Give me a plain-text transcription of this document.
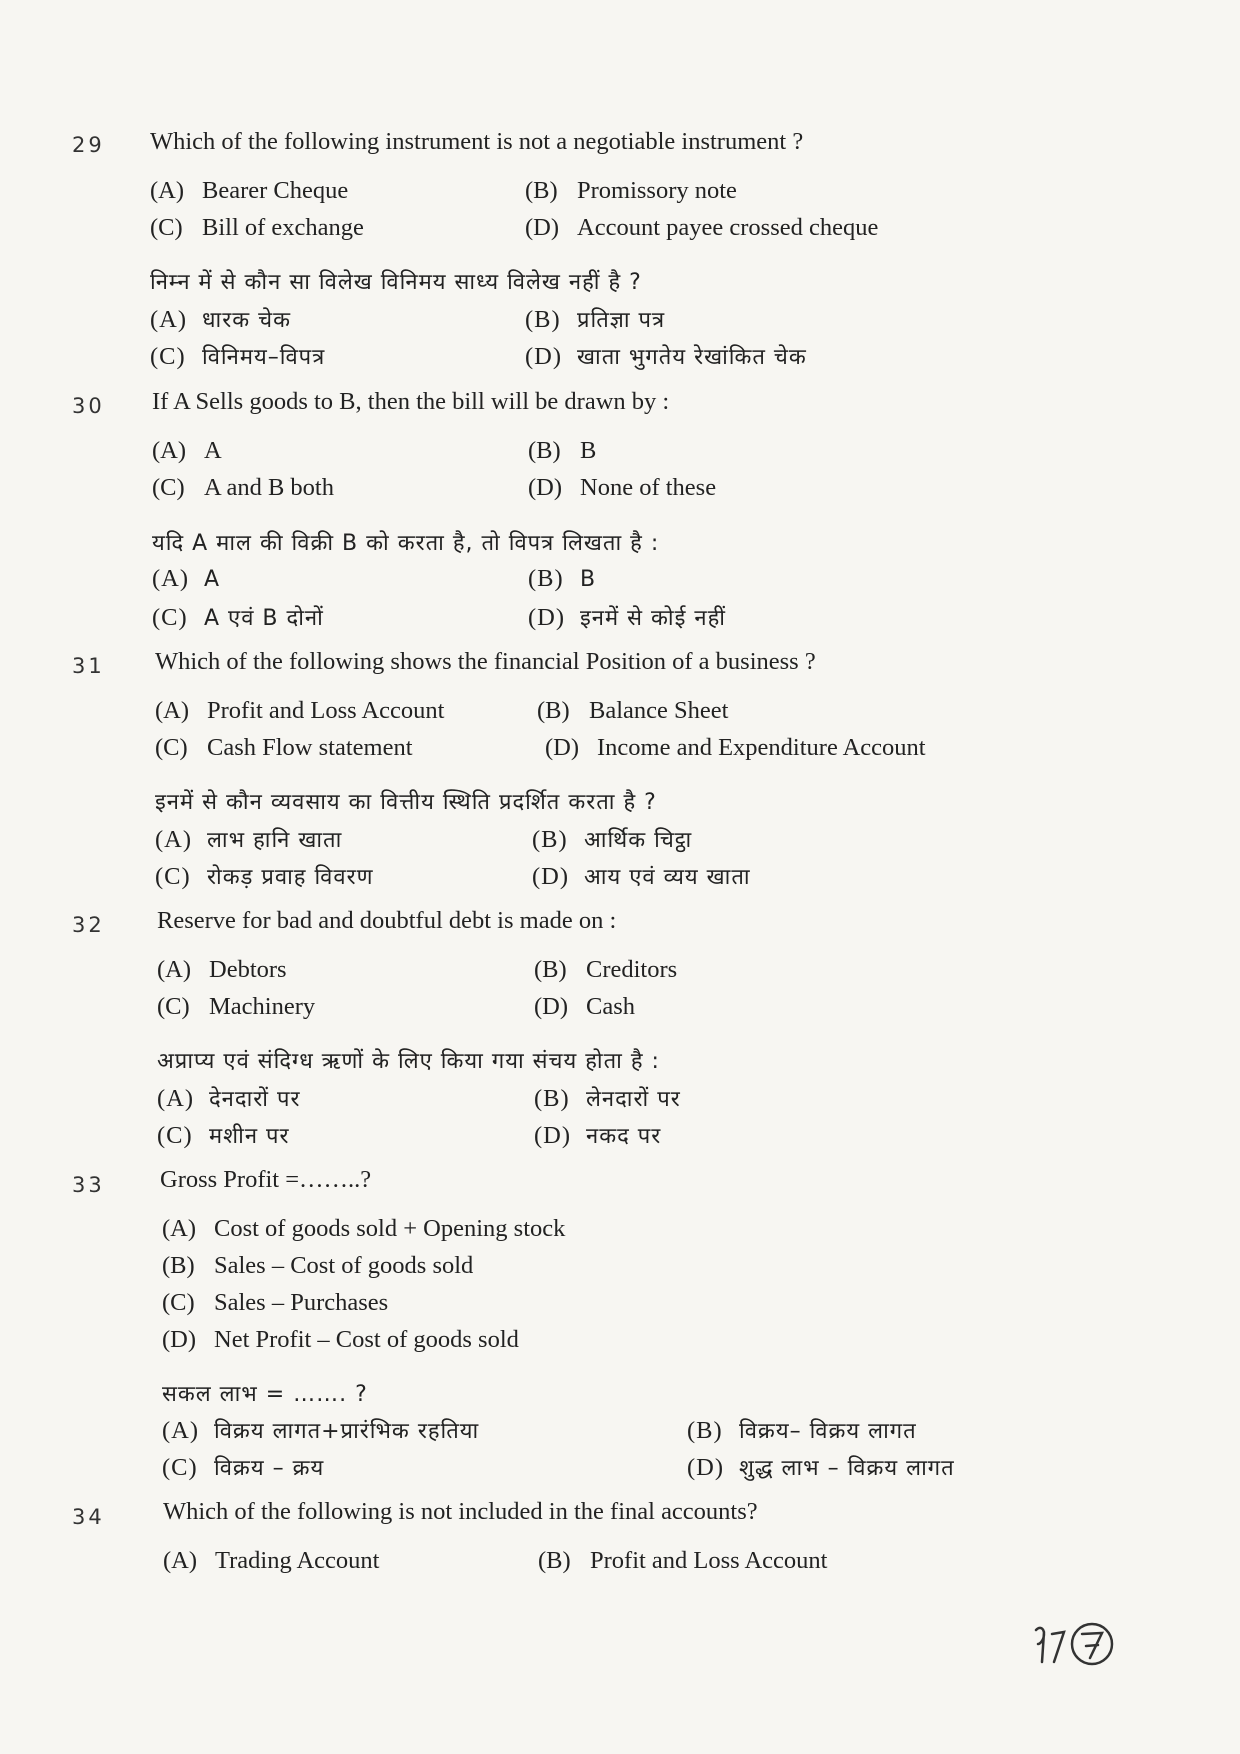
29	Which of the following instrument is not a negotiable instrument ?
(A) Bearer Cheque	(B) Promissory note
(C) Bill of exchange	(D) Account payee crossed cheque
निम्न में से कौन सा विलेख विनिमय साध्य विलेख नहीं है ?
(A) धारक चेक	(B) प्रतिज्ञा पत्र
(C) विनिमय–विपत्र	(D) खाता भुगतेय रेखांकित चेक
30	If A Sells goods to B, then the bill will be drawn by :
(A) A	(B) B
(C) A and B both	(D) None of these
यदि A माल की विक्री B को करता है, तो विपत्र लिखता है :
(A) A	(B) B
(C) A एवं B दोनों	(D) इनमें से कोई नहीं
31	Which of the following shows the financial Position of a business ?
(A) Profit and Loss Account	(B) Balance Sheet
(C) Cash Flow statement	(D) Income and Expenditure Account
इनमें से कौन व्यवसाय का वित्तीय स्थिति प्रदर्शित करता है ?
(A) लाभ हानि खाता	(B) आर्थिक चिट्ठा
(C) रोकड़ प्रवाह विवरण	(D) आय एवं व्यय खाता
32	Reserve for bad and doubtful debt is made on :
(A) Debtors	(B) Creditors
(C) Machinery	(D) Cash
अप्राप्य एवं संदिग्ध ऋणों के लिए किया गया संचय होता है :
(A) देनदारों पर	(B) लेनदारों पर
(C) मशीन पर	(D) नकद पर
33	Gross Profit =……..?
(A) Cost of goods sold + Opening stock
(B) Sales – Cost of goods sold
(C) Sales – Purchases
(D) Net Profit – Cost of goods sold
सकल लाभ = ……. ?
(A) विक्रय लागत+प्रारंभिक रहतिया	(B) विक्रय– विक्रय लागत
(C) विक्रय – क्रय	(D) शुद्ध लाभ – विक्रय लागत
34	Which of the following is not included in the final accounts?
(A) Trading Account	(B) Profit and Loss Account
